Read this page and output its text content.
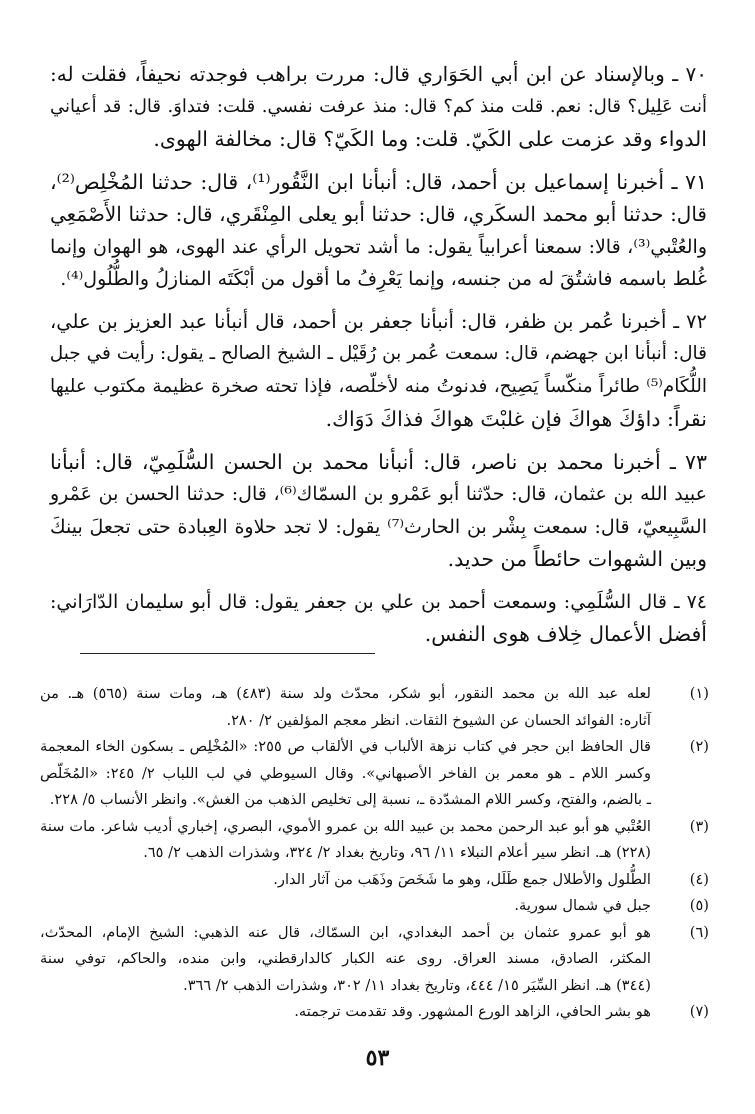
٧٠ ـ وبالإسناد عن ابن أبي الحَوَاري قال: مررت براهب فوجدته نحيفاً، فقلت له:
أنت عَلِيل؟ قال: نعم. قلت منذ كم؟ قال: منذ عرفت نفسي. قلت: فتداوَ. قال: قد أعياني
الدواء وقد عزمت على الكَيّ. قلت: وما الكَيّ؟ قال: مخالفة الهوى.
٧١ ـ أخبرنا إسماعيل بن أحمد، قال: أنبأنا ابن النَّقُور⁽¹⁾، قال: حدثنا المُخْلِص⁽²⁾،
قال: حدثنا أبو محمد السكَري، قال: حدثنا أبو يعلى المِنْقَري، قال: حدثنا الأَصْمَعِي
والعُتْبي⁽³⁾، قالا: سمعنا أعرابياً يقول: ما أشد تحويل الرأي عند الهوى، هو الهوان وإنما
غُلط باسمه فاشتُقَ له من جنسه، وإنما يَعْرِفُ ما أقول من أبْكَتَه المنازلُ والطُّلُول⁽⁴⁾.
٧٢ ـ أخبرنا عُمر بن ظفر، قال: أنبأنا جعفر بن أحمد، قال أنبأنا عبد العزيز بن علي،
قال: أنبأنا ابن جهضم، قال: سمعت عُمر بن رُقَيْل ـ الشيخ الصالح ـ يقول: رأيت في جبل
اللُّكَام⁽⁵⁾ طائراً منكّساً يَصِيح، فدنوتُ منه لأخلّصه، فإذا تحته صخرة عظيمة مكتوب عليها
نقراً: داؤكَ هواكَ فإن غلبْتَ هواكَ فذاكَ دَوَاك.
٧٣ ـ أخبرنا محمد بن ناصر، قال: أنبأنا محمد بن الحسن السُّلَمِيّ، قال: أنبأنا
عبيد الله بن عثمان، قال: حدّثنا أبو عَمْرو بن السمّاك⁽⁶⁾، قال: حدثنا الحسن بن عَمْرو
السَّبِيعيّ، قال: سمعت بِشْر بن الحارث⁽⁷⁾ يقول: لا تجد حلاوة العِبادة حتى تجعلَ بينكَ
وبين الشهوات حائطاً من حديد.
٧٤ ـ قال السُّلَمِي: وسمعت أحمد بن علي بن جعفر يقول: قال أبو سليمان الدّارَاني:
أفضل الأعمال خِلاف هوى النفس.
(١)
لعله عبد الله بن محمد النقور، أبو شكر، محدّث ولد سنة (٤٨٣) هـ، ومات سنة (٥٦٥) هـ. من
آثاره: الفوائد الحسان عن الشيوخ الثقات. انظر معجم المؤلفين ٢/ ٢٨٠.
(٢)
قال الحافظ ابن حجر في كتاب نزهة الألباب في الألقاب ص ٢٥٥: «المُخْلِص ـ بسكون الخاء المعجمة
وكسر اللام ـ هو معمر بن الفاخر الأصبهاني». وقال السيوطي في لب اللباب ٢/ ٢٤٥: «المُخَلّص
ـ بالضم، والفتح، وكسر اللام المشدّدة ـ، نسبة إلى تخليص الذهب من الغش». وانظر الأنساب ٥/ ٢٢٨.
(٣)
العُتْبي هو أبو عبد الرحمن محمد بن عبيد الله بن عمرو الأموي، البصري، إخباري أديب شاعر. مات سنة
(٢٢٨) هـ. انظر سير أعلام النبلاء ١١/ ٩٦، وتاريخ بغداد ٢/ ٣٢٤، وشذرات الذهب ٢/ ٦٥.
(٤)
الطُّلول والأطلال جمع طَلَل، وهو ما شَخَصَ وذَهَب من آثار الدار.
(٥)
جبل في شمال سورية.
(٦)
هو أبو عمرو عثمان بن أحمد البغدادي، ابن السمّاك، قال عنه الذهبي: الشيخ الإمام، المحدّث،
المكثر، الصادق، مسند العراق. روى عنه الكبار كالدارقطني، وابن منده، والحاكم، توفي سنة
(٣٤٤) هـ. انظر السِّيَر ١٥/ ٤٤٤، وتاريخ بغداد ١١/ ٣٠٢، وشذرات الذهب ٢/ ٣٦٦.
(٧)
هو بشر الحافي، الزاهد الورع المشهور. وقد تقدمت ترجمته.
٥٣
